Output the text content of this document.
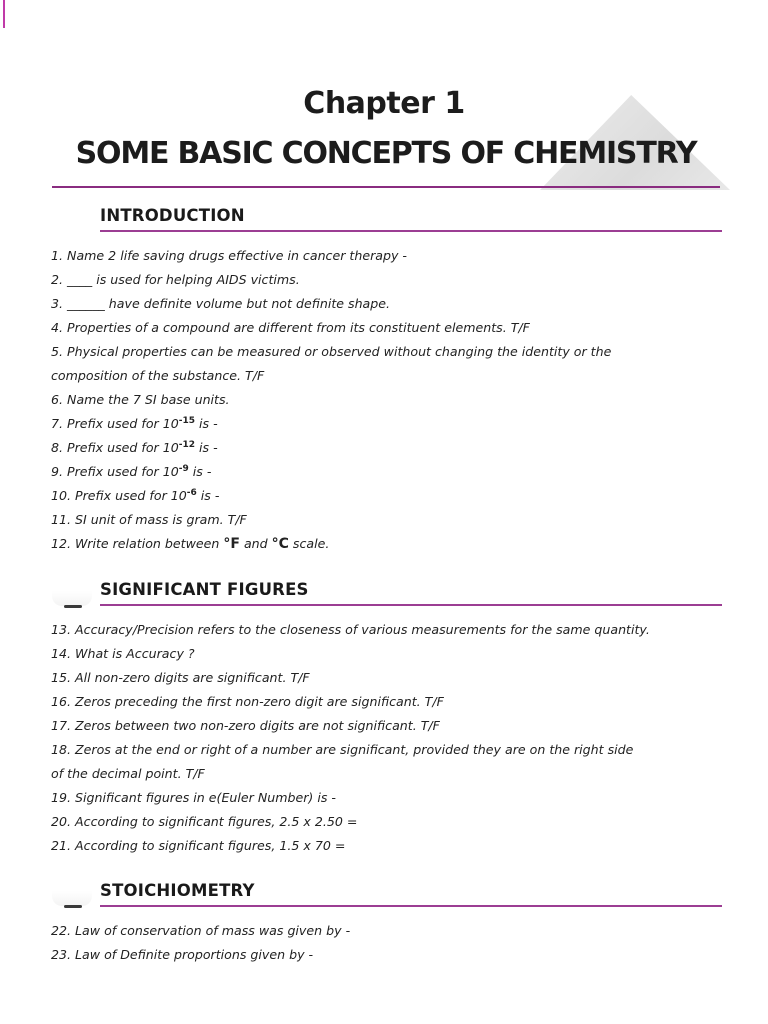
Chapter 1
SOME BASIC CONCEPTS OF CHEMISTRY
INTRODUCTION
1. Name 2 life saving drugs effective in cancer therapy -
2. ____ is used for helping AIDS victims.
3. ______ have definite volume but not definite shape.
4. Properties of a compound are different from its constituent elements. T/F
5. Physical properties can be measured or observed without changing the identity or the composition of the substance. T/F
6. Name the 7 SI base units.
7. Prefix used for $10^{-15}$ is -
8. Prefix used for $10^{-12}$ is -
9. Prefix used for $10^{-9}$ is -
10. Prefix used for $10^{-6}$ is -
11. SI unit of mass is gram. T/F
12. Write relation between °F and °C scale.
SIGNIFICANT FIGURES
13. Accuracy/Precision refers to the closeness of various measurements for the same quantity.
14. What is Accuracy ?
15. All non-zero digits are significant. T/F
16. Zeros preceding the first non-zero digit are significant. T/F
17. Zeros between two non-zero digits are not significant. T/F
18. Zeros at the end or right of a number are significant, provided they are on the right side
of the decimal point. T/F
19. Significant figures in e(Euler Number) is -
20. According to significant figures, 2.5 x 2.50 =
21. According to significant figures, 1.5 x 70 =
STOICHIOMETRY
22. Law of conservation of mass was given by -
23. Law of Definite proportions given by -
